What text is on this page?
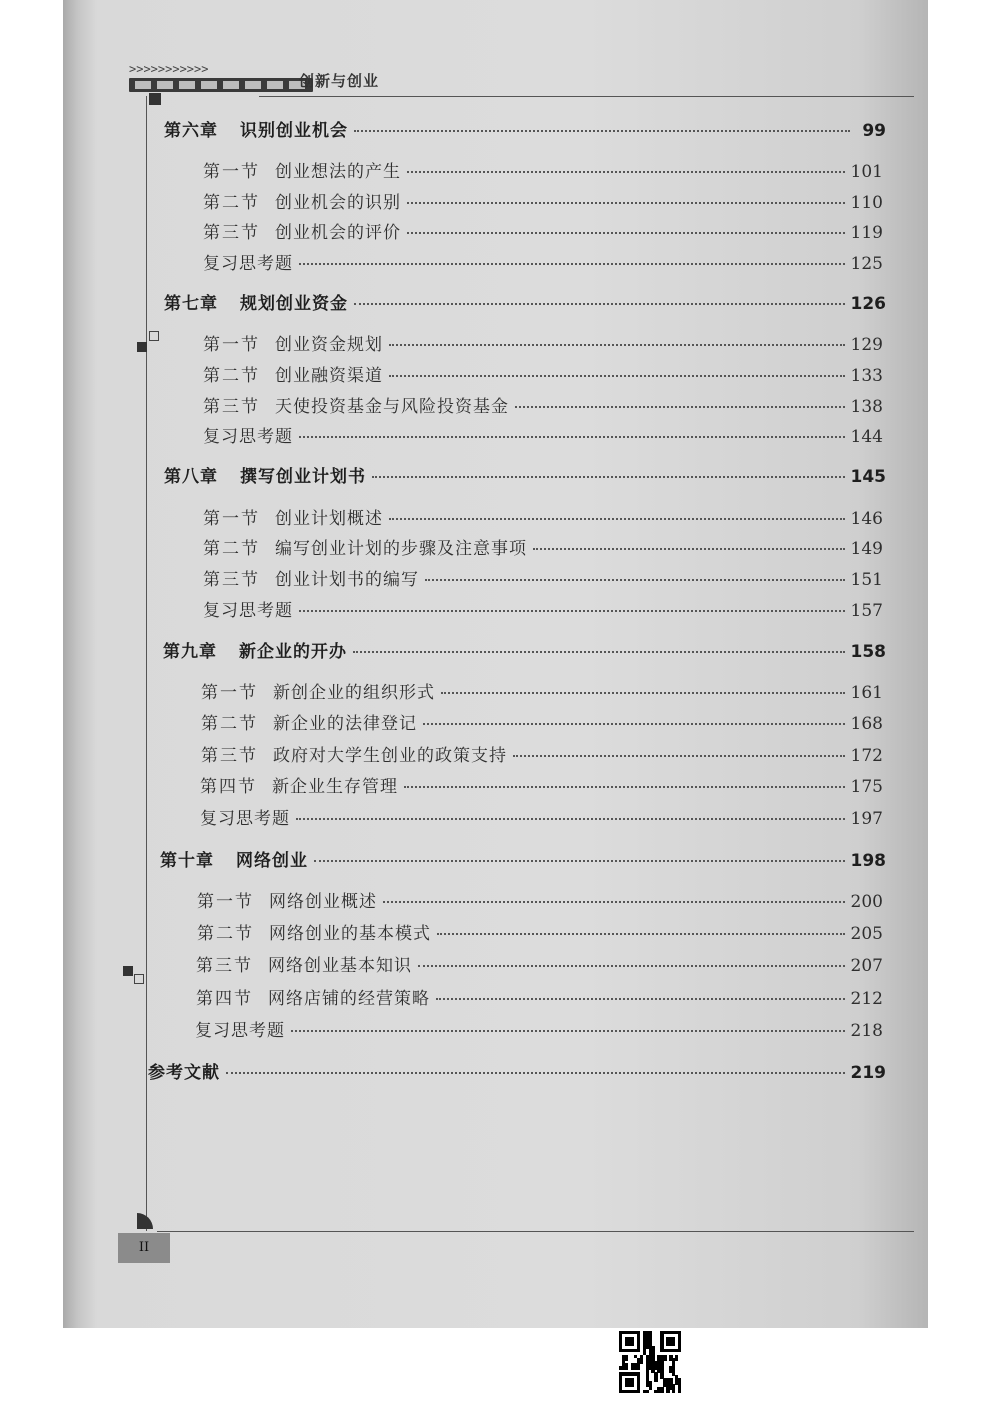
>>>>>>>>>>>
创新与创业
II
第六章	识别创业机会	99
第一节 创业想法的产生	101
第二节 创业机会的识别	110
第三节 创业机会的评价	119
复习思考题	125
第七章	规划创业资金	126
第一节 创业资金规划	129
第二节 创业融资渠道	133
第三节 天使投资基金与风险投资基金	138
复习思考题	144
第八章	撰写创业计划书	145
第一节 创业计划概述	146
第二节 编写创业计划的步骤及注意事项	149
第三节 创业计划书的编写	151
复习思考题	157
第九章	新企业的开办	158
第一节 新创企业的组织形式	161
第二节 新企业的法律登记	168
第三节 政府对大学生创业的政策支持	172
第四节 新企业生存管理	175
复习思考题	197
第十章	网络创业	198
第一节 网络创业概述	200
第二节 网络创业的基本模式	205
第三节 网络创业基本知识	207
第四节 网络店铺的经营策略	212
复习思考题	218
参考文献	219
